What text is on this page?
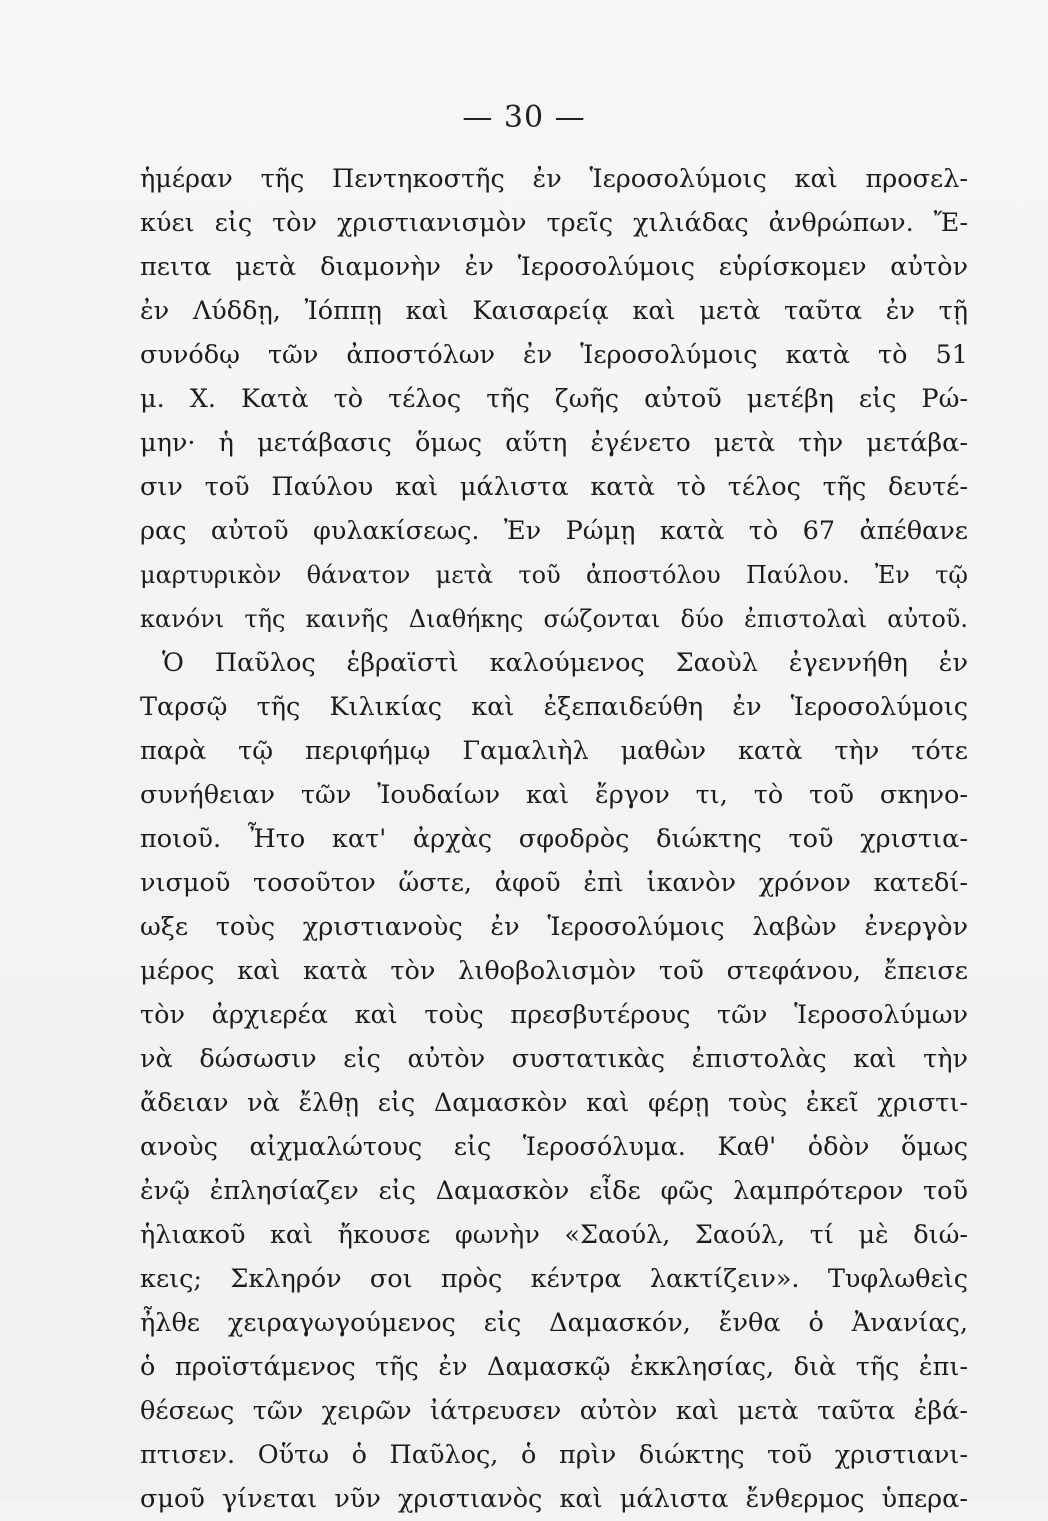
— 30 —
ἡμέραν τῆς Πεντηκοστῆς ἐν Ἱεροσολύμοις καὶ προσελ-
κύει εἰς τὸν χριστιανισμὸν τρεῖς χιλιάδας ἀνθρώπων. Ἔ-
πειτα μετὰ διαμονὴν ἐν Ἱεροσολύμοις εὑρίσκομεν αὐτὸν
ἐν Λύδδῃ, Ἰόππῃ καὶ Καισαρείᾳ καὶ μετὰ ταῦτα ἐν τῇ
συνόδῳ τῶν ἀποστόλων ἐν Ἱεροσολύμοις κατὰ τὸ 51
μ. Χ. Κατὰ τὸ τέλος τῆς ζωῆς αὐτοῦ μετέβη εἰς Ρώ-
μην· ἡ μετάβασις ὅμως αὕτη ἐγένετο μετὰ τὴν μετάβα-
σιν τοῦ Παύλου καὶ μάλιστα κατὰ τὸ τέλος τῆς δευτέ-
ρας αὐτοῦ φυλακίσεως. Ἐν Ρώμῃ κατὰ τὸ 67 ἀπέθανε
μαρτυρικὸν θάνατον μετὰ τοῦ ἀποστόλου Παύλου. Ἐν τῷ
κανόνι τῆς καινῆς Διαθήκης σώζονται δύο ἐπιστολαὶ αὐτοῦ.
Ὁ Παῦλος ἑβραϊστὶ καλούμενος Σαοὺλ ἐγεννήθη ἐν
Ταρσῷ τῆς Κιλικίας καὶ ἐξεπαιδεύθη ἐν Ἱεροσολύμοις
παρὰ τῷ περιφήμῳ Γαμαλιὴλ μαθὼν κατὰ τὴν τότε
συνήθειαν τῶν Ἰουδαίων καὶ ἔργον τι, τὸ τοῦ σκηνο-
ποιοῦ. Ἦτο κατ' ἀρχὰς σφοδρὸς διώκτης τοῦ χριστια-
νισμοῦ τοσοῦτον ὥστε, ἀφοῦ ἐπὶ ἱκανὸν χρόνον κατεδί-
ωξε τοὺς χριστιανοὺς ἐν Ἱεροσολύμοις λαβὼν ἐνεργὸν
μέρος καὶ κατὰ τὸν λιθοβολισμὸν τοῦ στεφάνου, ἔπεισε
τὸν ἀρχιερέα καὶ τοὺς πρεσβυτέρους τῶν Ἱεροσολύμων
νὰ δώσωσιν εἰς αὐτὸν συστατικὰς ἐπιστολὰς καὶ τὴν
ἄδειαν νὰ ἔλθῃ εἰς Δαμασκὸν καὶ φέρῃ τοὺς ἐκεῖ χριστι-
ανοὺς αἰχμαλώτους εἰς Ἱεροσόλυμα. Καθ' ὁδὸν ὅμως
ἐνῷ ἐπλησίαζεν εἰς Δαμασκὸν εἶδε φῶς λαμπρότερον τοῦ
ἡλιακοῦ καὶ ἤκουσε φωνὴν «Σαούλ, Σαούλ, τί μὲ διώ-
κεις; Σκληρόν σοι πρὸς κέντρα λακτίζειν». Τυφλωθεὶς
ἦλθε χειραγωγούμενος εἰς Δαμασκόν, ἔνθα ὁ Ἀνανίας,
ὁ προϊστάμενος τῆς ἐν Δαμασκῷ ἐκκλησίας, διὰ τῆς ἐπι-
θέσεως τῶν χειρῶν ἰάτρευσεν αὐτὸν καὶ μετὰ ταῦτα ἐβά-
πτισεν. Οὕτω ὁ Παῦλος, ὁ πρὶν διώκτης τοῦ χριστιανι-
σμοῦ γίνεται νῦν χριστιανὸς καὶ μάλιστα ἔνθερμος ὑπερα-
